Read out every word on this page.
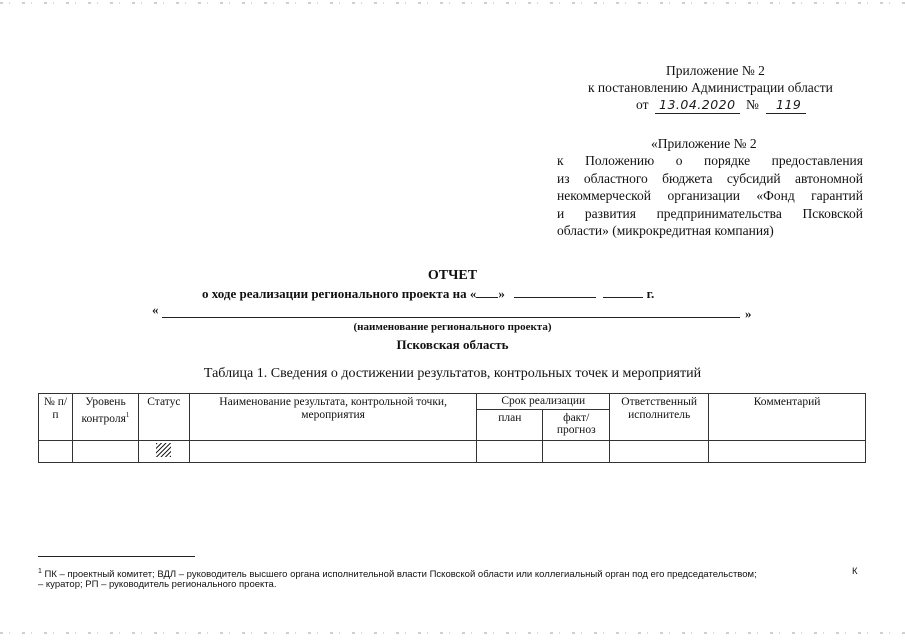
Приложение № 2
к постановлению Администрации области
от 13.04.2020 № 119
«Приложение № 2
к Положению о порядке предоставления
из областного бюджета субсидий автономной
некоммерческой организации «Фонд гарантий
и развития предпринимательства Псковской
области» (микрокредитная компания)
ОТЧЕТ
о ходе реализации регионального проекта на « »	г.
«	»
(наименование регионального проекта)
Псковская область
Таблица 1. Сведения о достижении результатов, контрольных точек и мероприятий
№ п/п	Уровень контроля$^1$	Статус	Наименование результата, контрольной точки, мероприятия	Срок реализации		Ответственный исполнитель	Комментарий
				план	факт/ прогноз		

$^1$ ПК – проектный комитет; ВДЛ – руководитель высшего органа исполнительной власти Псковской области или коллегиальный орган под его председательством;	К
– куратор; РП – руководитель регионального проекта.
